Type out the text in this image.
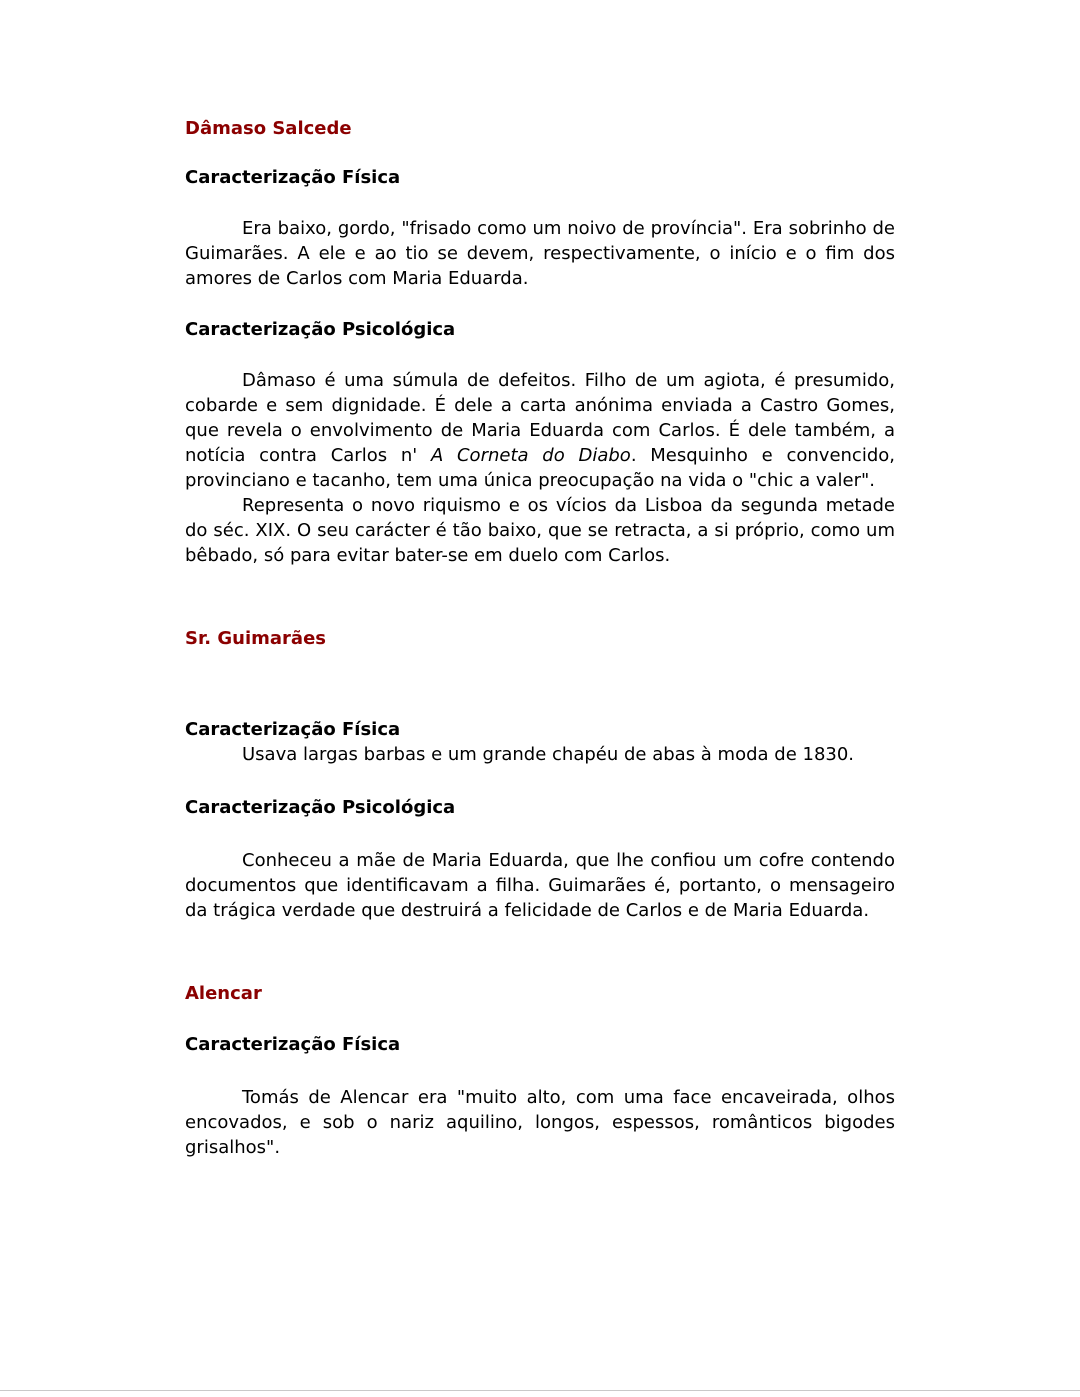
Dâmaso Salcede
Caracterização Física

Era baixo, gordo, "frisado como um noivo de província". Era sobrinho de Guimarães. A ele e ao tio se devem, respectivamente, o início e o fim dos amores de Carlos com Maria Eduarda.

Caracterização Psicológica

Dâmaso é uma súmula de defeitos. Filho de um agiota, é presumido, cobarde e sem dignidade. É dele a carta anónima enviada a Castro Gomes, que revela o envolvimento de Maria Eduarda com Carlos. É dele também, a notícia contra Carlos n' A Corneta do Diabo. Mesquinho e convencido, provinciano e tacanho, tem uma única preocupação na vida o "chic a valer".

Representa o novo riquismo e os vícios da Lisboa da segunda metade do séc. XIX. O seu carácter é tão baixo, que se retracta, a si próprio, como um bêbado, só para evitar bater-se em duelo com Carlos.

Sr. Guimarães
Caracterização Física

Usava largas barbas e um grande chapéu de abas à moda de 1830.

Caracterização Psicológica

Conheceu a mãe de Maria Eduarda, que lhe confiou um cofre contendo documentos que identificavam a filha. Guimarães é, portanto, o mensageiro da trágica verdade que destruirá a felicidade de Carlos e de Maria Eduarda.

Alencar
Caracterização Física

Tomás de Alencar era "muito alto, com uma face encaveirada, olhos encovados, e sob o nariz aquilino, longos, espessos, românticos bigodes grisalhos".
